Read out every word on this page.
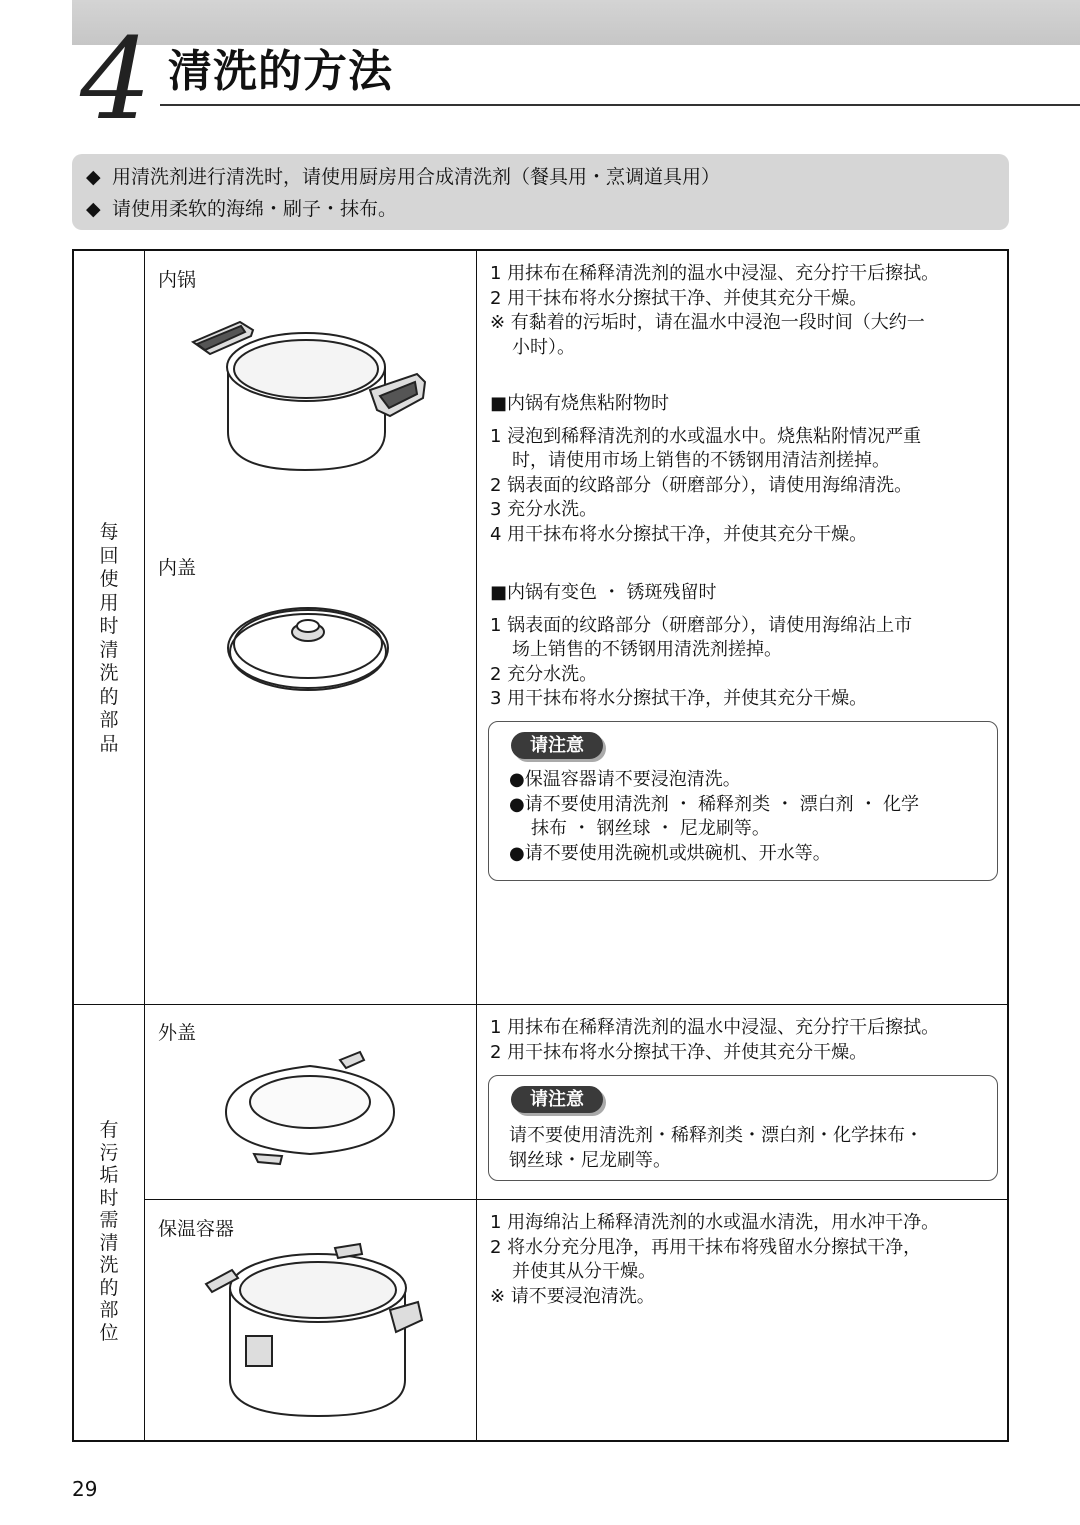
4 清洗的方法
◆ 用清洗剂进行清洗时，请使用厨房用合成清洗剂（餐具用・烹调道具用）
◆ 请使用柔软的海绵・刷子・抹布。
每回使用时清洗的部品
有污垢时需清洗的部位
内锅
内盖
外盖
保温容器
1 用抹布在稀释清洗剂的温水中浸湿、充分拧干后擦拭。
2 用干抹布将水分擦拭干净、并使其充分干燥。
※ 有黏着的污垢时，请在温水中浸泡一段时间（大约一
小时）。
■内锅有烧焦粘附物时
1 浸泡到稀释清洗剂的水或温水中。烧焦粘附情况严重
时，请使用市场上销售的不锈钢用清洁剂搓掉。
2 锅表面的纹路部分（研磨部分），请使用海绵清洗。
3 充分水洗。
4 用干抹布将水分擦拭干净，并使其充分干燥。
■内锅有变色 ・ 锈斑残留时
1 锅表面的纹路部分（研磨部分），请使用海绵沾上市
场上销售的不锈钢用清洗剂搓掉。
2 充分水洗。
3 用干抹布将水分擦拭干净，并使其充分干燥。
1 用抹布在稀释清洗剂的温水中浸湿、充分拧干后擦拭。
2 用干抹布将水分擦拭干净、并使其充分干燥。
1 用海绵沾上稀释清洗剂的水或温水清洗，用水冲干净。
2 将水分充分甩净，再用干抹布将残留水分擦拭干净，
并使其从分干燥。
※ 请不要浸泡清洗。
请注意
●保温容器请不要浸泡清洗。
●请不要使用清洗剂 ・ 稀释剂类 ・ 漂白剂 ・ 化学
抹布 ・ 钢丝球 ・ 尼龙刷等。
●请不要使用洗碗机或烘碗机、开水等。
请注意
请不要使用清洗剂・稀释剂类・漂白剂・化学抹布・
钢丝球・尼龙刷等。
29
